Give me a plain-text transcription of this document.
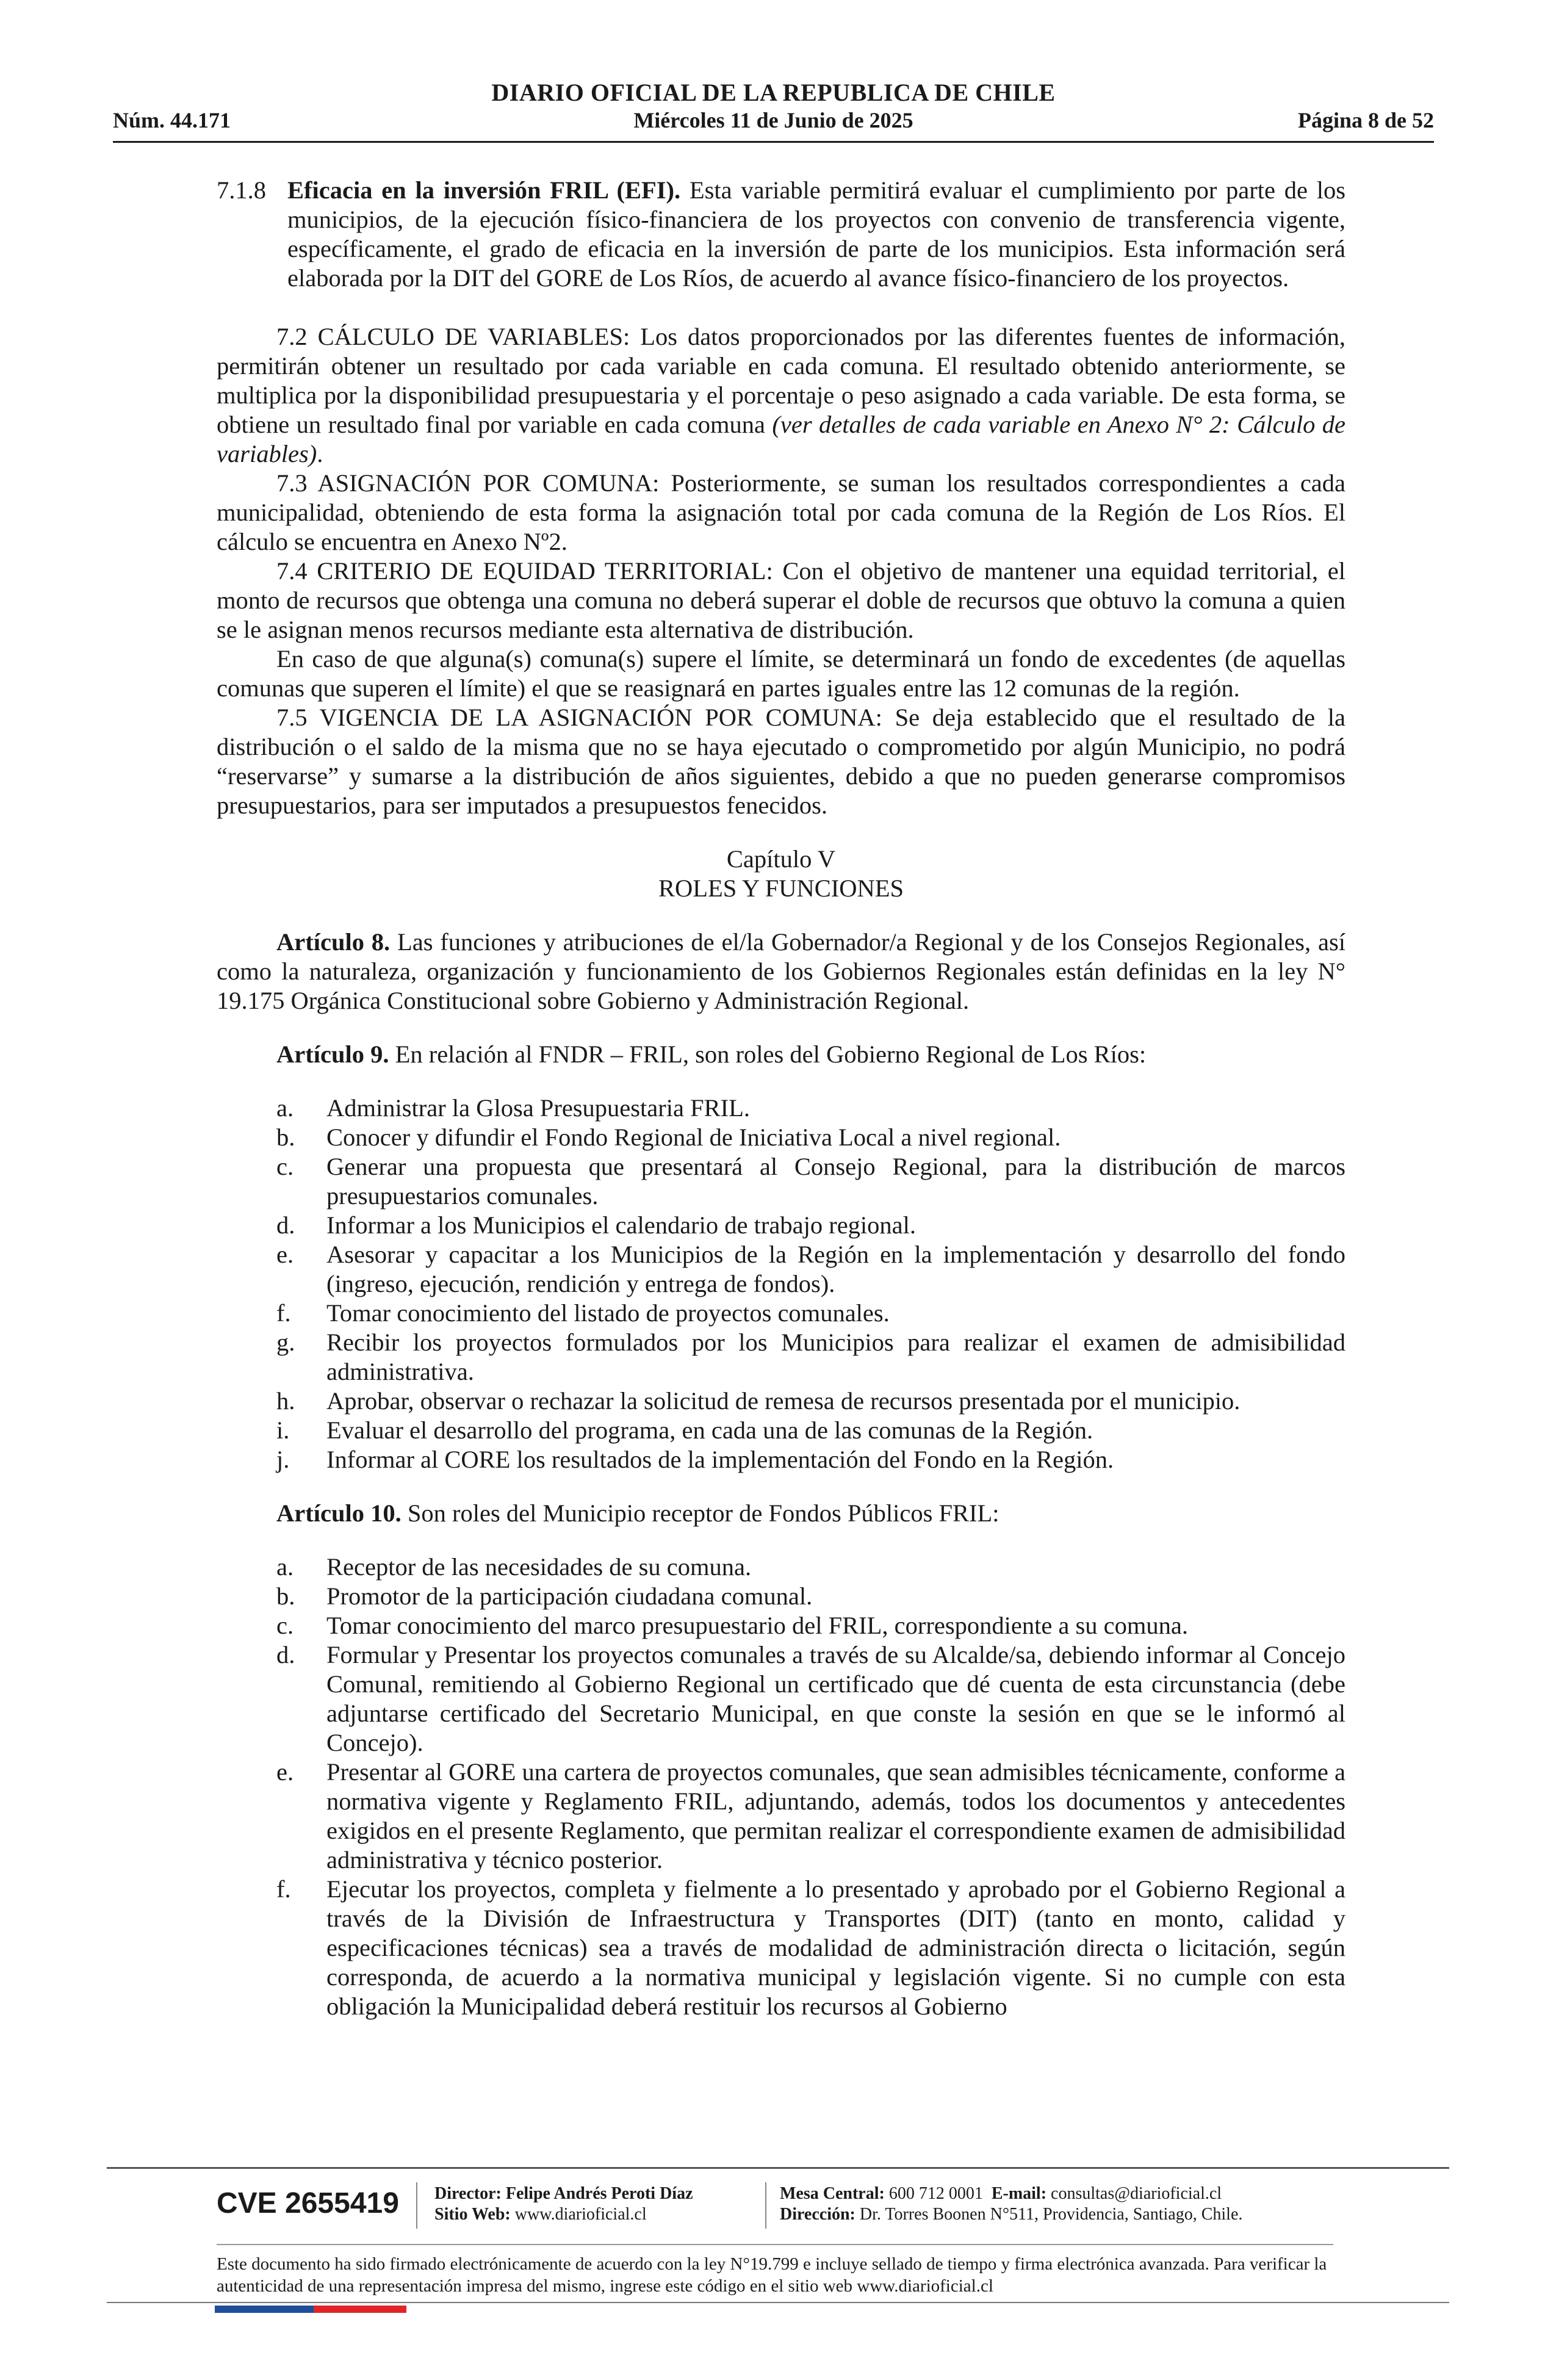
DIARIO OFICIAL DE LA REPUBLICA DE CHILE
Núm. 44.171	Miércoles 11 de Junio de 2025	Página 8 de 52

7.1.8 Eficacia en la inversión FRIL (EFI). Esta variable permitirá evaluar el cumplimiento por parte de los municipios, de la ejecución físico-financiera de los proyectos con convenio de transferencia vigente, específicamente, el grado de eficacia en la inversión de parte de los municipios. Esta información será elaborada por la DIT del GORE de Los Ríos, de acuerdo al avance físico-financiero de los proyectos.

7.2 CÁLCULO DE VARIABLES: Los datos proporcionados por las diferentes fuentes de información, permitirán obtener un resultado por cada variable en cada comuna. El resultado obtenido anteriormente, se multiplica por la disponibilidad presupuestaria y el porcentaje o peso asignado a cada variable. De esta forma, se obtiene un resultado final por variable en cada comuna (ver detalles de cada variable en Anexo N° 2: Cálculo de variables).

7.3 ASIGNACIÓN POR COMUNA: Posteriormente, se suman los resultados correspondientes a cada municipalidad, obteniendo de esta forma la asignación total por cada comuna de la Región de Los Ríos. El cálculo se encuentra en Anexo Nº2.

7.4 CRITERIO DE EQUIDAD TERRITORIAL: Con el objetivo de mantener una equidad territorial, el monto de recursos que obtenga una comuna no deberá superar el doble de recursos que obtuvo la comuna a quien se le asignan menos recursos mediante esta alternativa de distribución.

En caso de que alguna(s) comuna(s) supere el límite, se determinará un fondo de excedentes (de aquellas comunas que superen el límite) el que se reasignará en partes iguales entre las 12 comunas de la región.

7.5 VIGENCIA DE LA ASIGNACIÓN POR COMUNA: Se deja establecido que el resultado de la distribución o el saldo de la misma que no se haya ejecutado o comprometido por algún Municipio, no podrá “reservarse” y sumarse a la distribución de años siguientes, debido a que no pueden generarse compromisos presupuestarios, para ser imputados a presupuestos fenecidos.

Capítulo V

ROLES Y FUNCIONES

Artículo 8. Las funciones y atribuciones de el/la Gobernador/a Regional y de los Consejos Regionales, así como la naturaleza, organización y funcionamiento de los Gobiernos Regionales están definidas en la ley N° 19.175 Orgánica Constitucional sobre Gobierno y Administración Regional.

Artículo 9. En relación al FNDR – FRIL, son roles del Gobierno Regional de Los Ríos:

a. Administrar la Glosa Presupuestaria FRIL.
b. Conocer y difundir el Fondo Regional de Iniciativa Local a nivel regional.
c. Generar una propuesta que presentará al Consejo Regional, para la distribución de marcos presupuestarios comunales.
d. Informar a los Municipios el calendario de trabajo regional.
e. Asesorar y capacitar a los Municipios de la Región en la implementación y desarrollo del fondo (ingreso, ejecución, rendición y entrega de fondos).
f. Tomar conocimiento del listado de proyectos comunales.
g. Recibir los proyectos formulados por los Municipios para realizar el examen de admisibilidad administrativa.
h. Aprobar, observar o rechazar la solicitud de remesa de recursos presentada por el municipio.
i. Evaluar el desarrollo del programa, en cada una de las comunas de la Región.
j. Informar al CORE los resultados de la implementación del Fondo en la Región.

Artículo 10. Son roles del Municipio receptor de Fondos Públicos FRIL:

a. Receptor de las necesidades de su comuna.
b. Promotor de la participación ciudadana comunal.
c. Tomar conocimiento del marco presupuestario del FRIL, correspondiente a su comuna.
d. Formular y Presentar los proyectos comunales a través de su Alcalde/sa, debiendo informar al Concejo Comunal, remitiendo al Gobierno Regional un certificado que dé cuenta de esta circunstancia (debe adjuntarse certificado del Secretario Municipal, en que conste la sesión en que se le informó al Concejo).
e. Presentar al GORE una cartera de proyectos comunales, que sean admisibles técnicamente, conforme a normativa vigente y Reglamento FRIL, adjuntando, además, todos los documentos y antecedentes exigidos en el presente Reglamento, que permitan realizar el correspondiente examen de admisibilidad administrativa y técnico posterior.
f. Ejecutar los proyectos, completa y fielmente a lo presentado y aprobado por el Gobierno Regional a través de la División de Infraestructura y Transportes (DIT) (tanto en monto, calidad y especificaciones técnicas) sea a través de modalidad de administración directa o licitación, según corresponda, de acuerdo a la normativa municipal y legislación vigente. Si no cumple con esta obligación la Municipalidad deberá restituir los recursos al Gobierno
CVE 2655419 Director: Felipe Andrés Peroti Díaz
Sitio Web: www.diarioficial.cl
Mesa Central: 600 712 0001 E-mail: consultas@diarioficial.cl
Dirección: Dr. Torres Boonen N°511, Providencia, Santiago, Chile.
Este documento ha sido firmado electrónicamente de acuerdo con la ley N°19.799 e incluye sellado de tiempo y firma electrónica avanzada. Para verificar la autenticidad de una representación impresa del mismo, ingrese este código en el sitio web www.diarioficial.cl
